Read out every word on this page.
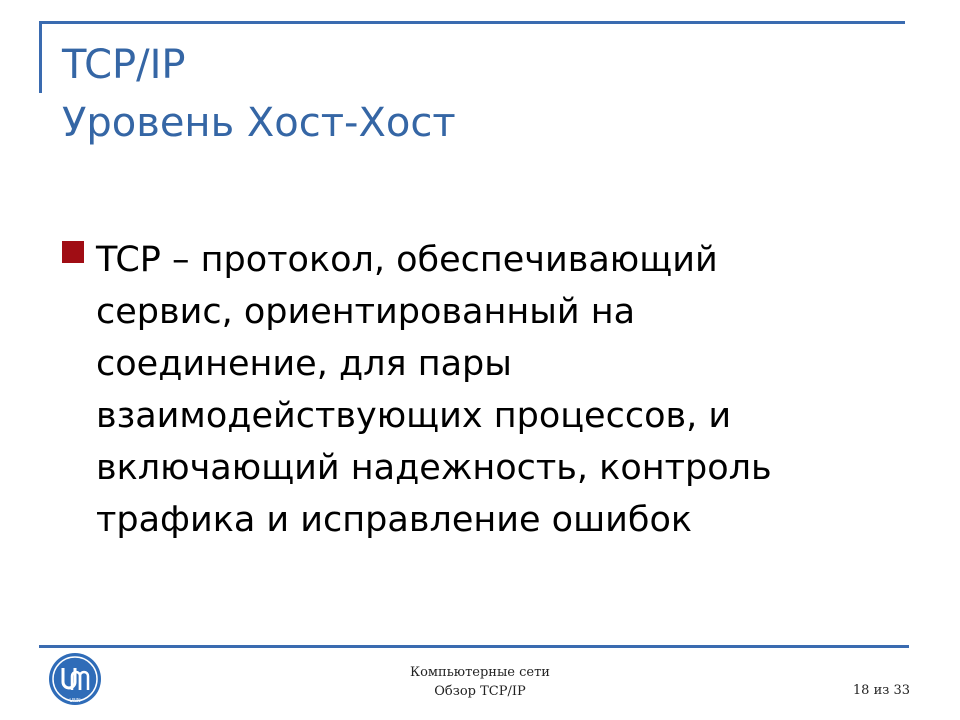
TCP/IP
Уровень Хост-Хост
TCP – протокол, обеспечивающий
сервис, ориентированный на
соединение, для пары
взаимодействующих процессов, и
включающий надежность, контроль
трафика и исправление ошибок
UNN
Компьютерные сети
Обзор TCP/IP	18 из 33
